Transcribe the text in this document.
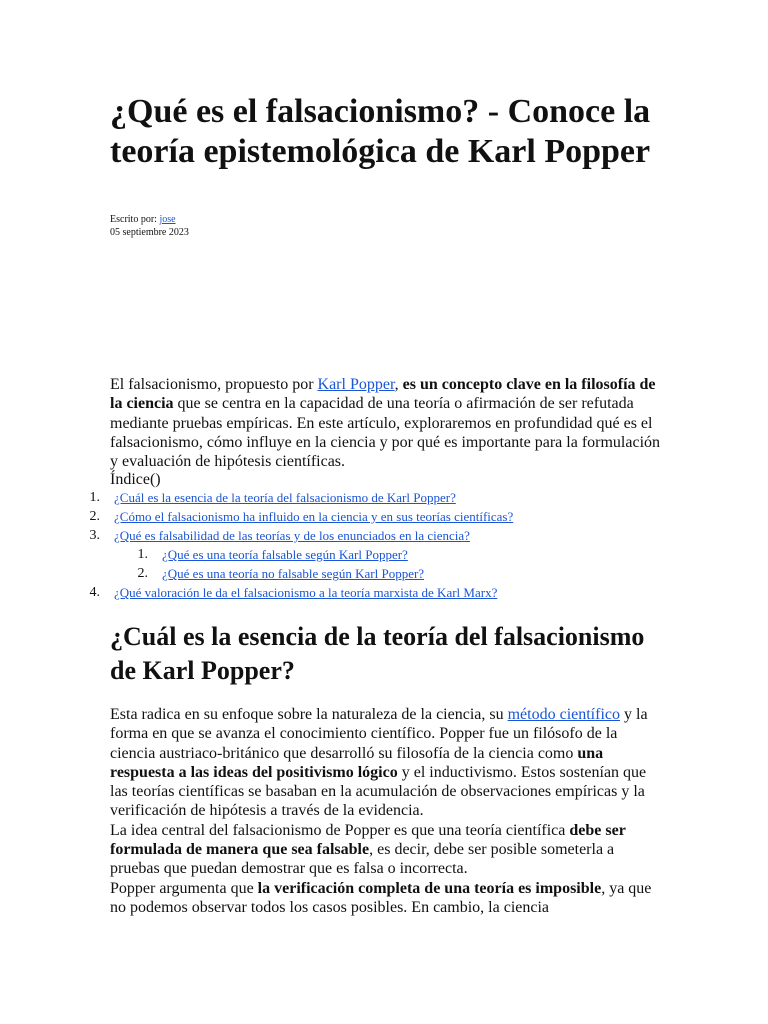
¿Qué es el falsacionismo? - Conoce la teoría epistemológica de Karl Popper
Escrito por: jose
05 septiembre 2023
El falsacionismo, propuesto por Karl Popper, es un concepto clave en la filosofía de la ciencia que se centra en la capacidad de una teoría o afirmación de ser refutada mediante pruebas empíricas. En este artículo, exploraremos en profundidad qué es el falsacionismo, cómo influye en la ciencia y por qué es importante para la formulación y evaluación de hipótesis científicas.
Índice()
1. ¿Cuál es la esencia de la teoría del falsacionismo de Karl Popper?
2. ¿Cómo el falsacionismo ha influido en la ciencia y en sus teorías científicas?
3. ¿Qué es falsabilidad de las teorías y de los enunciados en la ciencia?
1. ¿Qué es una teoría falsable según Karl Popper?
2. ¿Qué es una teoría no falsable según Karl Popper?
4. ¿Qué valoración le da el falsacionismo a la teoría marxista de Karl Marx?
¿Cuál es la esencia de la teoría del falsacionismo de Karl Popper?

Esta radica en su enfoque sobre la naturaleza de la ciencia, su método científico y la forma en que se avanza el conocimiento científico. Popper fue un filósofo de la ciencia austriaco-británico que desarrolló su filosofía de la ciencia como una respuesta a las ideas del positivismo lógico y el inductivismo. Estos sostenían que las teorías científicas se basaban en la acumulación de observaciones empíricas y la verificación de hipótesis a través de la evidencia.

La idea central del falsacionismo de Popper es que una teoría científica debe ser formulada de manera que sea falsable, es decir, debe ser posible someterla a pruebas que puedan demostrar que es falsa o incorrecta.

Popper argumenta que la verificación completa de una teoría es imposible, ya que no podemos observar todos los casos posibles. En cambio, la ciencia
